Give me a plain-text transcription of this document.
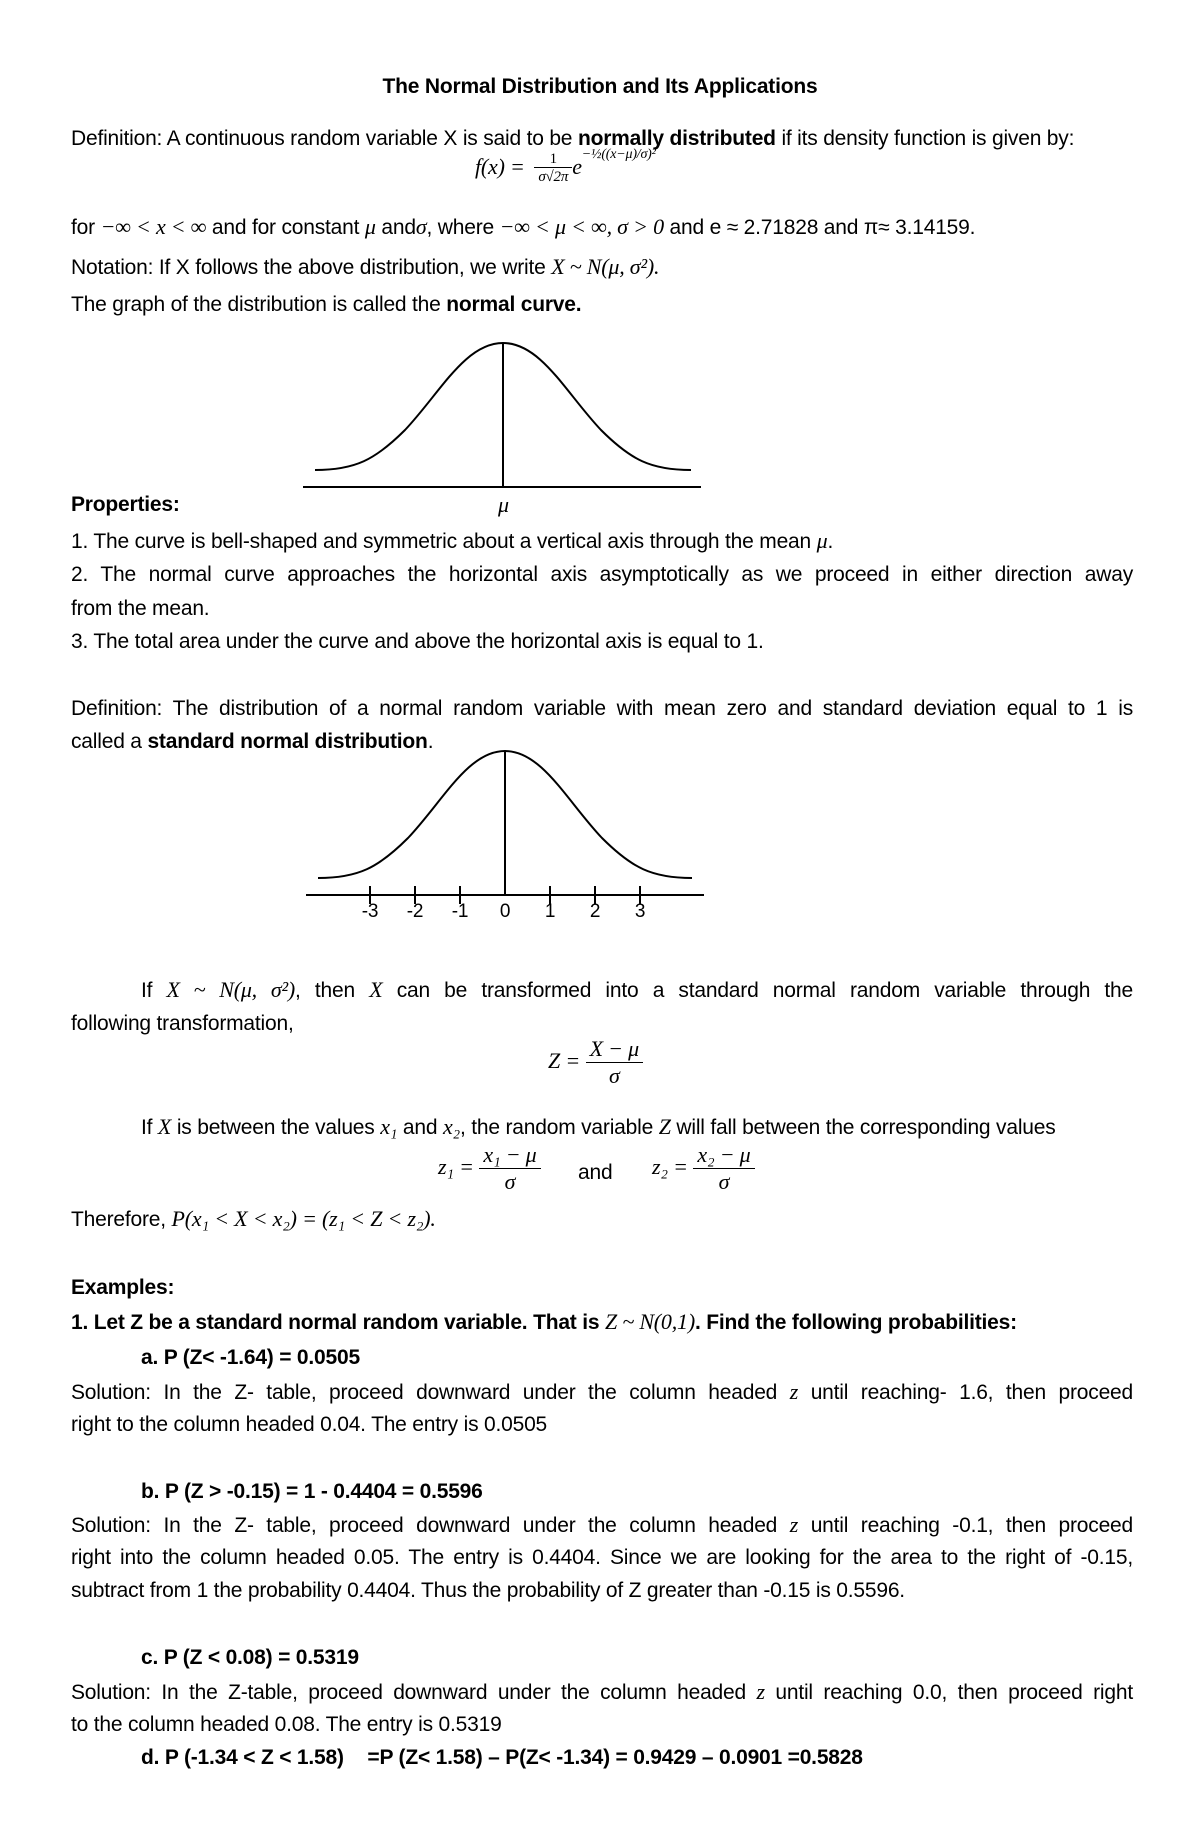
The Normal Distribution and Its Applications
Definition: A continuous random variable X is said to be normally distributed if its density function is given by:
$f(x) = \frac{1}{\sigma√2\pi} e^{-\frac{1}{2}((x-\mu)/\sigma)^2}$
for −∞ < x < ∞ and for constant μ andσ, where −∞ < μ < ∞, σ > 0 and e ≈ 2.71828 and π≈ 3.14159.
Notation: If X follows the above distribution, we write X ~ N(μ, σ²).
The graph of the distribution is called the normal curve.
μ
Properties:
1. The curve is bell-shaped and symmetric about a vertical axis through the mean μ.
2. The normal curve approaches the horizontal axis asymptotically as we proceed in either direction away
from the mean.
3. The total area under the curve and above the horizontal axis is equal to 1.
Definition: The distribution of a normal random variable with mean zero and standard deviation equal to 1 is
called a standard normal distribution.
-3 -2 -1 0 1 2 3
If X ~ N(μ, σ²), then X can be transformed into a standard normal random variable through the
following transformation,
$Z = \frac{X - \mu}{\sigma}$
If X is between the values x₁ and x₂, the random variable Z will fall between the corresponding values
$z_1 = \frac{\text{x₁ − μ}}{\sigma}$ and $z_2 = \frac{\text{x₂ − μ}}{\sigma}$
Therefore, P(x₁ < X < x₂) = (z₁ < Z < z₂).
Examples:
1. Let Z be a standard normal random variable. That is Z ~ N(0,1). Find the following probabilities:
a. P (Z< -1.64) = 0.0505
Solution: In the Z- table, proceed downward under the column headed z until reaching- 1.6, then proceed
right to the column headed 0.04. The entry is 0.0505
b. P (Z > -0.15) = 1 - 0.4404 = 0.5596
Solution: In the Z- table, proceed downward under the column headed z until reaching -0.1, then proceed
right into the column headed 0.05. The entry is 0.4404. Since we are looking for the area to the right of -0.15,
subtract from 1 the probability 0.4404. Thus the probability of Z greater than -0.15 is 0.5596.
c. P (Z < 0.08) = 0.5319
Solution: In the Z-table, proceed downward under the column headed z until reaching 0.0, then proceed right
to the column headed 0.08. The entry is 0.5319
d. P (-1.34 < Z < 1.58) =P (Z< 1.58) – P(Z< -1.34) = 0.9429 – 0.0901 =0.5828
